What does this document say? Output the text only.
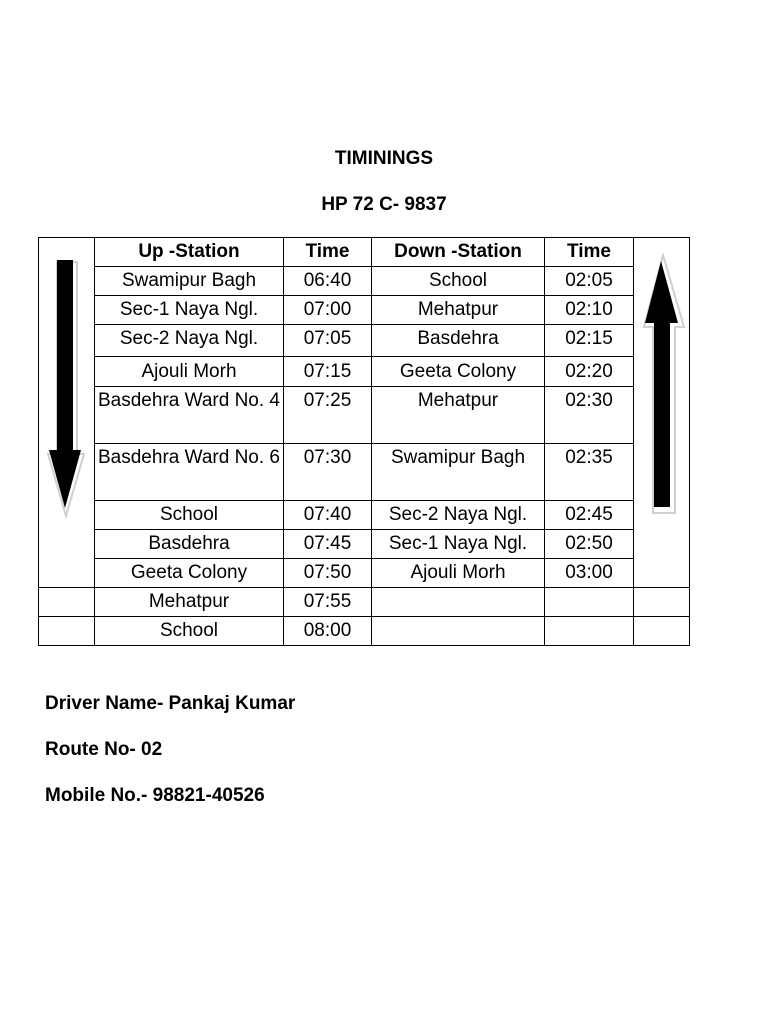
TIMININGS
HP 72 C- 9837
	Up -Station	Time	Down -Station	Time	
	Swamipur Bagh	06:40	School	02:05	
	Sec-1 Naya Ngl.	07:00	Mehatpur	02:10	
	Sec-2 Naya Ngl.	07:05	Basdehra	02:15	
	Ajouli Morh	07:15	Geeta Colony	02:20	
	Basdehra Ward No. 4	07:25	Mehatpur	02:30	
	Basdehra Ward No. 6	07:30	Swamipur Bagh	02:35	
	School	07:40	Sec-2 Naya Ngl.	02:45	
	Basdehra	07:45	Sec-1 Naya Ngl.	02:50	
	Geeta Colony	07:50	Ajouli Morh	03:00	
	Mehatpur	07:55			
	School	08:00			
Driver Name- Pankaj Kumar
Route No- 02
Mobile No.- 98821-40526
